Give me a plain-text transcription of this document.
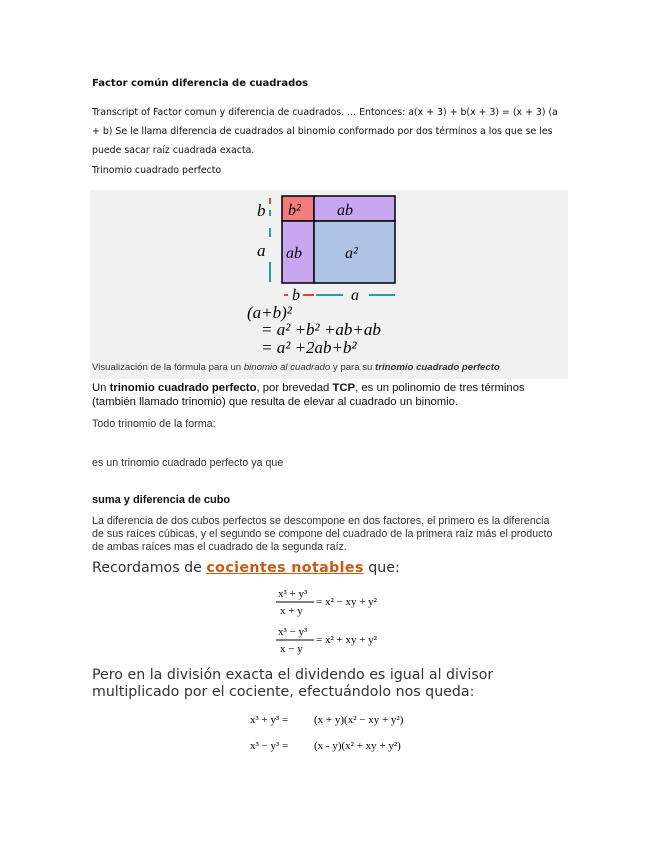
Factor común diferencia de cuadrados
Transcript of Factor comun y diferencia de cuadrados. ... Entonces: a(x + 3) + b(x + 3) = (x + 3) (a + b) Se le llama diferencia de cuadrados al binomio conformado por dos términos a los que se les puede sacar raíz cuadrada exacta.
Trinomio cuadrado perfecto
b
a
b² ab
ab	a²
b	a
(a+b)²
= a² +b² +ab+ab
= a² +2ab+b²
Visualización de la fórmula para un binomio al cuadrado y para su trinomio cuadrado perfecto
Un trinomio cuadrado perfecto, por brevedad TCP, es un polinomio de tres términos (también llamado trinomio) que resulta de elevar al cuadrado un binomio.
Todo trinomio de la forma:
es un trinomio cuadrado perfecto ya que
suma y diferencia de cubo
La diferencia de dos cubos perfectos se descompone en dos factores, el primero es la diferencia de sus raíces cúbicas, y el segundo se compone del cuadrado de la primera raíz más el producto de ambas raíces mas el cuadrado de la segunda raíz.
Recordamos de cocientes notables que:
x³ + y³
x + y
= x² − xy + y²
x³ − y³
x − y
= x² + xy + y²
Pero en la división exacta el dividendo es igual al divisor multiplicado por el cociente, efectuándolo nos queda:
x³ + y³ = (x + y)(x² − xy + y²)
x³ − y³ = (x - y)(x² + xy + y²)
